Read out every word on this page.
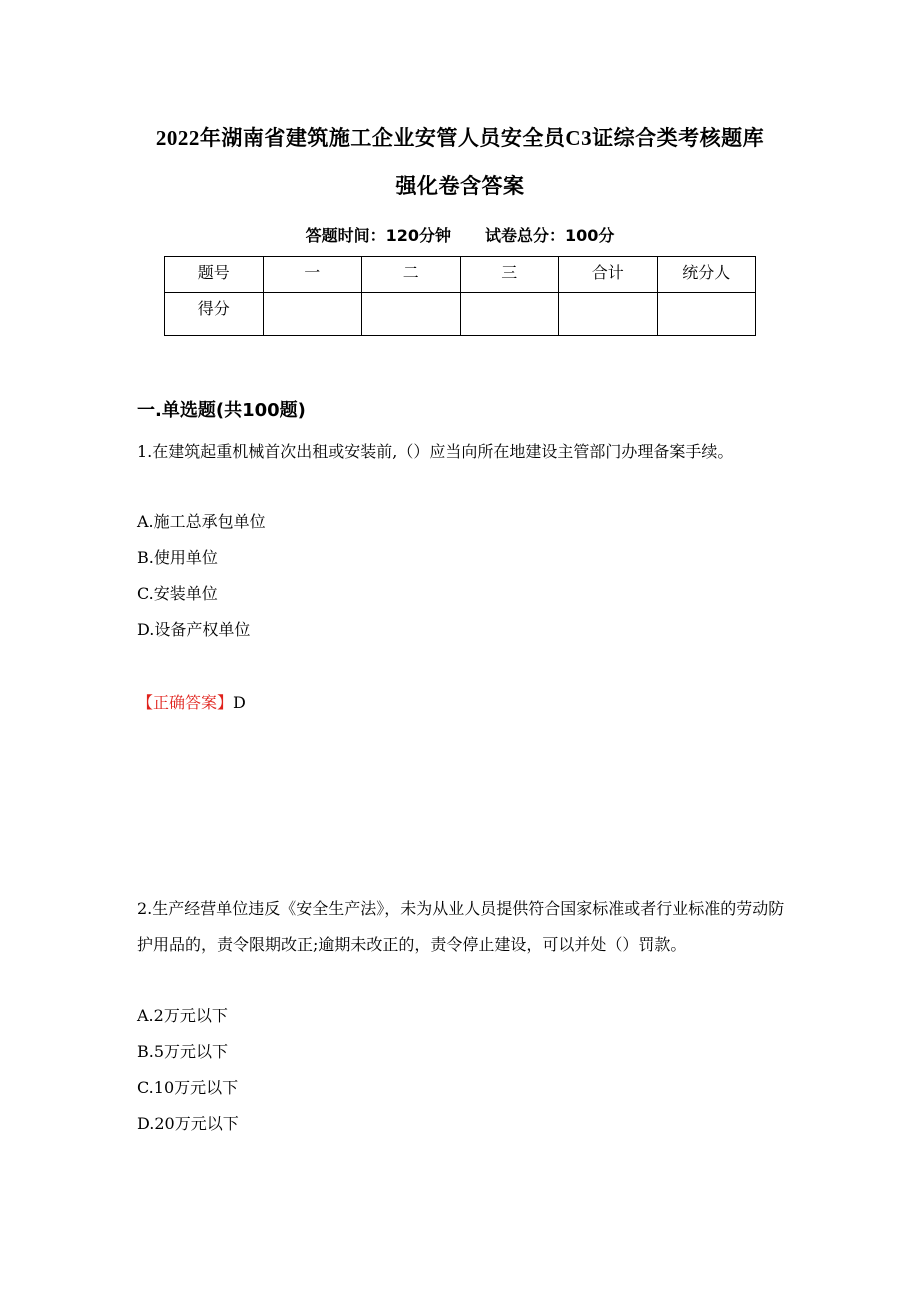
2022年湖南省建筑施工企业安管人员安全员C3证综合类考核题库
强化卷含答案
答题时间：120分钟 试卷总分：100分
题号	一	二	三	合计	统分人
得分					
一.单选题(共100题)
1.在建筑起重机械首次出租或安装前,（）应当向所在地建设主管部门办理备案手续。
A.施工总承包单位
B.使用单位
C.安装单位
D.设备产权单位
【正确答案】D
2.生产经营单位违反《安全生产法》，未为从业人员提供符合国家标准或者行业标准的劳动防护用品的，责令限期改正;逾期未改正的，责令停止建设，可以并处（）罚款。
A.2万元以下
B.5万元以下
C.10万元以下
D.20万元以下
